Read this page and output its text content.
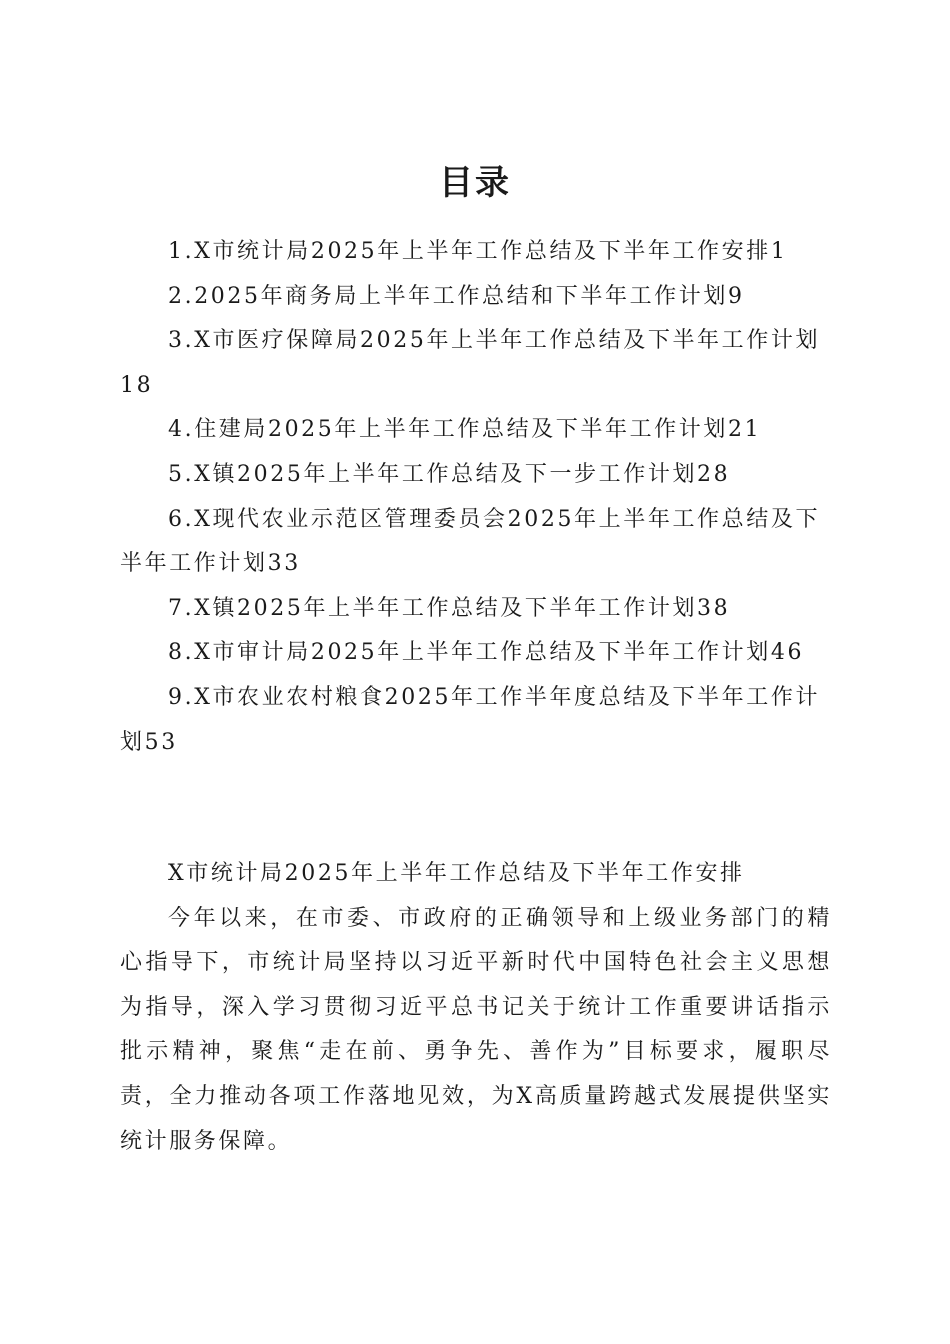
目录
1.X市统计局2025年上半年工作总结及下半年工作安排1
2.2025年商务局上半年工作总结和下半年工作计划9
3.X市医疗保障局2025年上半年工作总结及下半年工作计划18
4.住建局2025年上半年工作总结及下半年工作计划21
5.X镇2025年上半年工作总结及下一步工作计划28
6.X现代农业示范区管理委员会2025年上半年工作总结及下半年工作计划33
7.X镇2025年上半年工作总结及下半年工作计划38
8.X市审计局2025年上半年工作总结及下半年工作计划46
9.X市农业农村粮食2025年工作半年度总结及下半年工作计划53
X市统计局2025年上半年工作总结及下半年工作安排

今年以来，在市委、市政府的正确领导和上级业务部门的精心指导下，市统计局坚持以习近平新时代中国特色社会主义思想为指导，深入学习贯彻习近平总书记关于统计工作重要讲话指示批示精神，聚焦“走在前、勇争先、善作为”目标要求，履职尽责，全力推动各项工作落地见效，为X高质量跨越式发展提供坚实统计服务保障。
